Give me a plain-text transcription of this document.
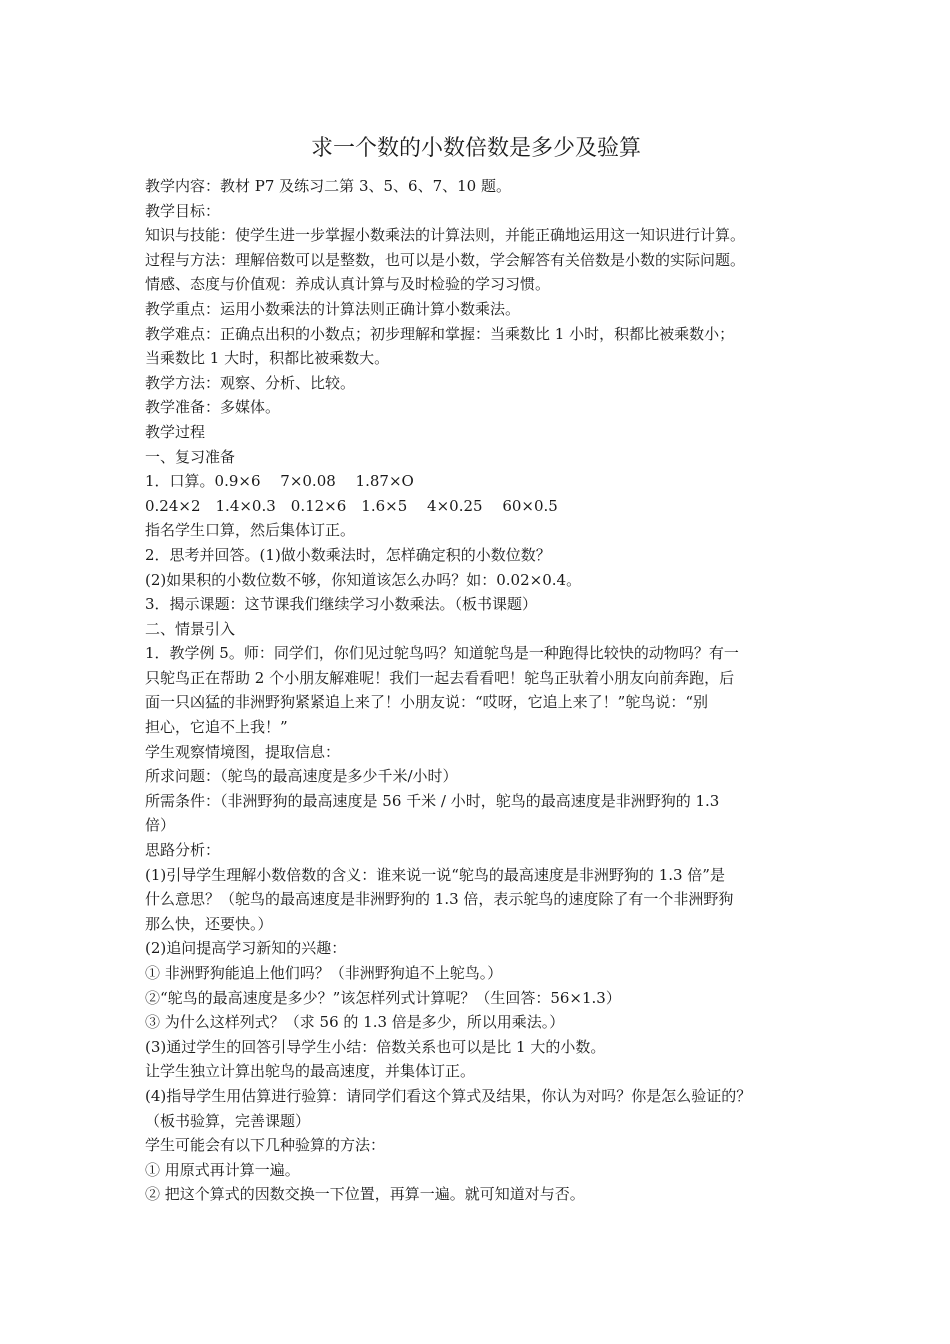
求一个数的小数倍数是多少及验算
教学内容：教材 P7 及练习二第 3、5、6、7、10 题。
教学目标：
知识与技能：使学生进一步掌握小数乘法的计算法则，并能正确地运用这一知识进行计算。
过程与方法：理解倍数可以是整数，也可以是小数，学会解答有关倍数是小数的实际问题。
情感、态度与价值观：养成认真计算与及时检验的学习习惯。
教学重点：运用小数乘法的计算法则正确计算小数乘法。
教学难点：正确点出积的小数点；初步理解和掌握：当乘数比 1 小时，积都比被乘数小；
当乘数比 1 大时，积都比被乘数大。
教学方法：观察、分析、比较。
教学准备：多媒体。
教学过程
一、复习准备
1．口算。0.9×6　 7×0.08　 1.87×O
0.24×2　1.4×0.3　0.12×6　1.6×5　 4×0.25　 60×0.5
指名学生口算，然后集体订正。
2．思考并回答。(1)做小数乘法时，怎样确定积的小数位数？
(2)如果积的小数位数不够，你知道该怎么办吗？如：0.02×0.4。
3．揭示课题：这节课我们继续学习小数乘法。（板书课题）
二、情景引入
1．教学例 5。师：同学们，你们见过鸵鸟吗？知道鸵鸟是一种跑得比较快的动物吗？有一
只鸵鸟正在帮助 2 个小朋友解难呢！我们一起去看看吧！鸵鸟正驮着小朋友向前奔跑，后
面一只凶猛的非洲野狗紧紧追上来了！小朋友说：“哎呀，它追上来了！”鸵鸟说：“别
担心，它追不上我！”
学生观察情境图，提取信息：
所求问题：（鸵鸟的最高速度是多少千米/小时）
所需条件：（非洲野狗的最高速度是 56 千米 / 小时，鸵鸟的最高速度是非洲野狗的 1.3
倍）
思路分析：
(1)引导学生理解小数倍数的含义：谁来说一说“鸵鸟的最高速度是非洲野狗的 1.3 倍”是
什么意思？（鸵鸟的最高速度是非洲野狗的 1.3 倍，表示鸵鸟的速度除了有一个非洲野狗
那么快，还要快。）
(2)追问提高学习新知的兴趣：
① 非洲野狗能追上他们吗？（非洲野狗追不上鸵鸟。）
②“鸵鸟的最高速度是多少？”该怎样列式计算呢？（生回答：56×1.3）
③ 为什么这样列式？（求 56 的 1.3 倍是多少，所以用乘法。）
(3)通过学生的回答引导学生小结：倍数关系也可以是比 1 大的小数。
让学生独立计算出鸵鸟的最高速度，并集体订正。
(4)指导学生用估算进行验算：请同学们看这个算式及结果，你认为对吗？你是怎么验证的？
（板书验算，完善课题）
学生可能会有以下几种验算的方法：
① 用原式再计算一遍。
② 把这个算式的因数交换一下位置，再算一遍。就可知道对与否。
